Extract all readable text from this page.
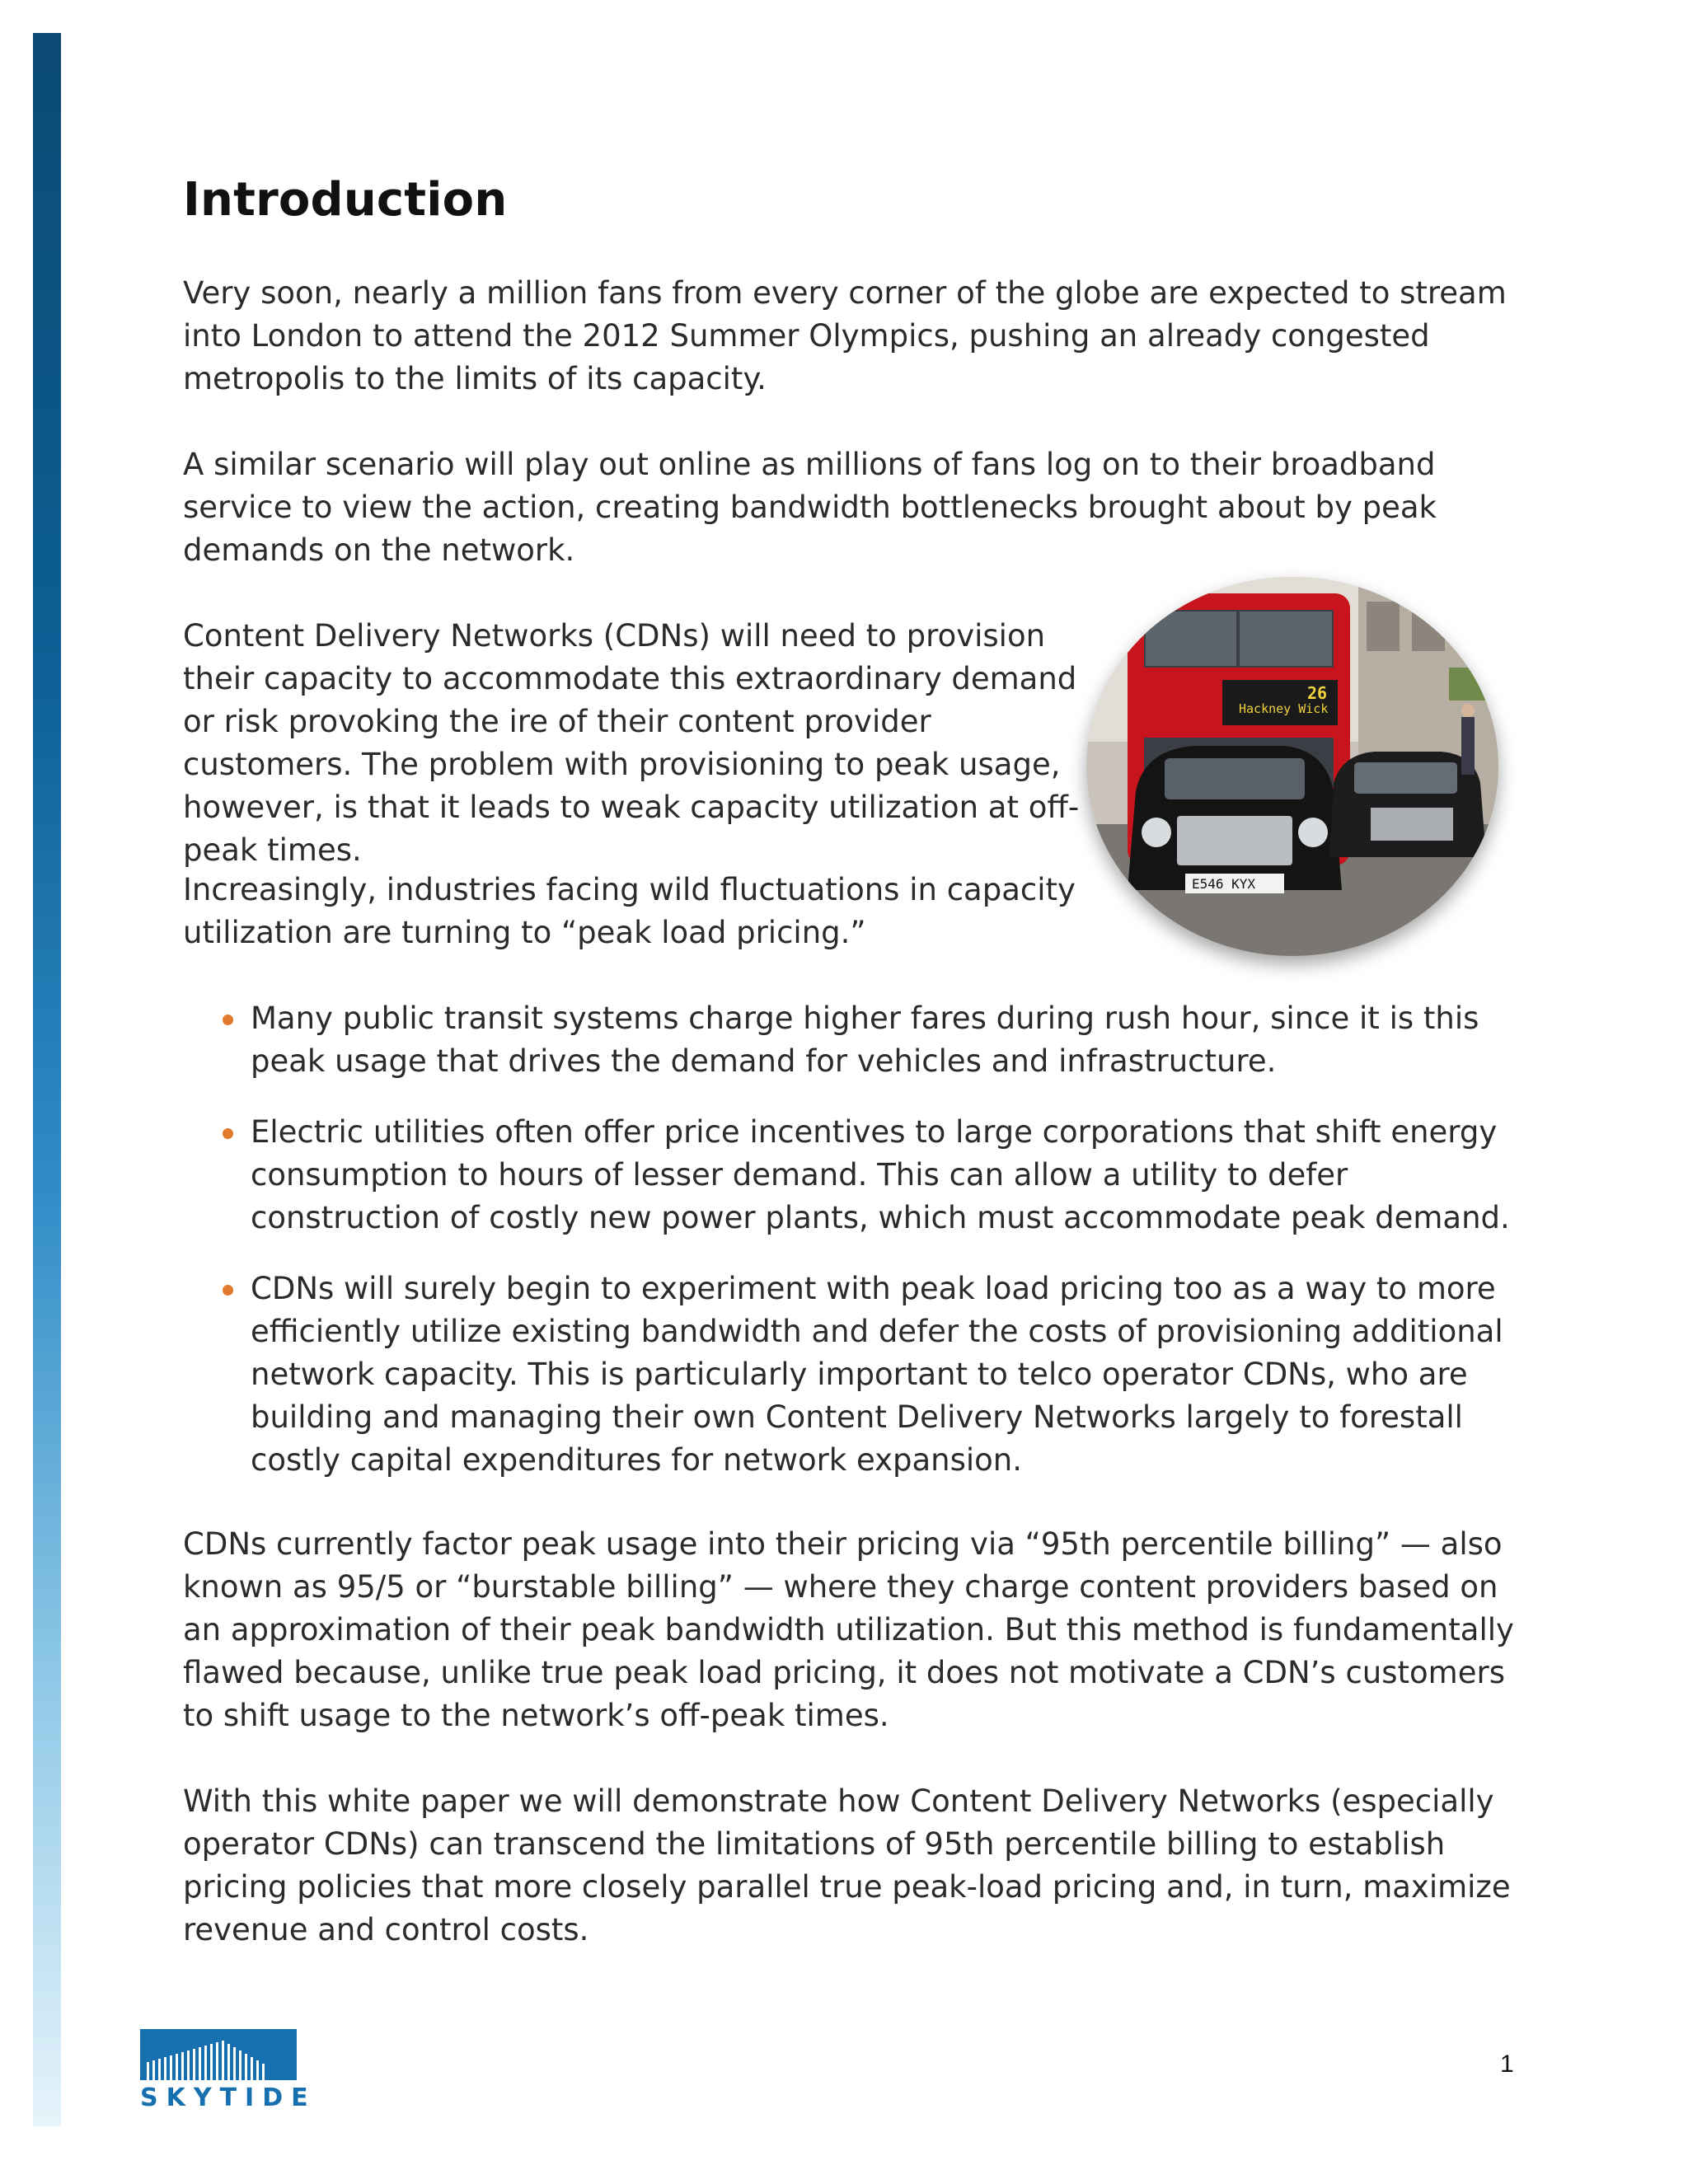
Introduction

Very soon, nearly a million fans from every corner of the globe are expected to stream into London to attend the 2012 Summer Olympics, pushing an already congested metropolis to the limits of its capacity.

A similar scenario will play out online as millions of fans log on to their broadband service to view the action, creating bandwidth bottlenecks brought about by peak demands on the network.

Content Delivery Networks (CDNs) will need to provision their capacity to accommodate this extraordinary demand or risk provoking the ire of their content provider customers. The problem with provisioning to peak usage, however, is that it leads to weak capacity utilization at off-peak times.

Increasingly, industries facing wild fluctuations in capacity utilization are turning to “peak load pricing.”

Many public transit systems charge higher fares during rush hour, since it is this peak usage that drives the demand for vehicles and infrastructure.
Electric utilities often offer price incentives to large corporations that shift energy consumption to hours of lesser demand. This can allow a utility to defer construction of costly new power plants, which must accommodate peak demand.
CDNs will surely begin to experiment with peak load pricing too as a way to more efficiently utilize existing bandwidth and defer the costs of provisioning additional network capacity. This is particularly important to telco operator CDNs, who are building and managing their own Content Delivery Networks largely to forestall costly capital expenditures for network expansion.

CDNs currently factor peak usage into their pricing via “95th percentile billing” — also known as 95/5 or “burstable billing” — where they charge content providers based on an approximation of their peak bandwidth utilization. But this method is fundamentally flawed because, unlike true peak load pricing, it does not motivate a CDN’s customers to shift usage to the network’s off-peak times.

With this white paper we will demonstrate how Content Delivery Networks (especially operator CDNs) can transcend the limitations of 95th percentile billing to establish pricing policies that more closely parallel true peak-load pricing and, in turn, maximize revenue and control costs.

Hackney Wick
26
E546 KYX
SKYTIDE
1
